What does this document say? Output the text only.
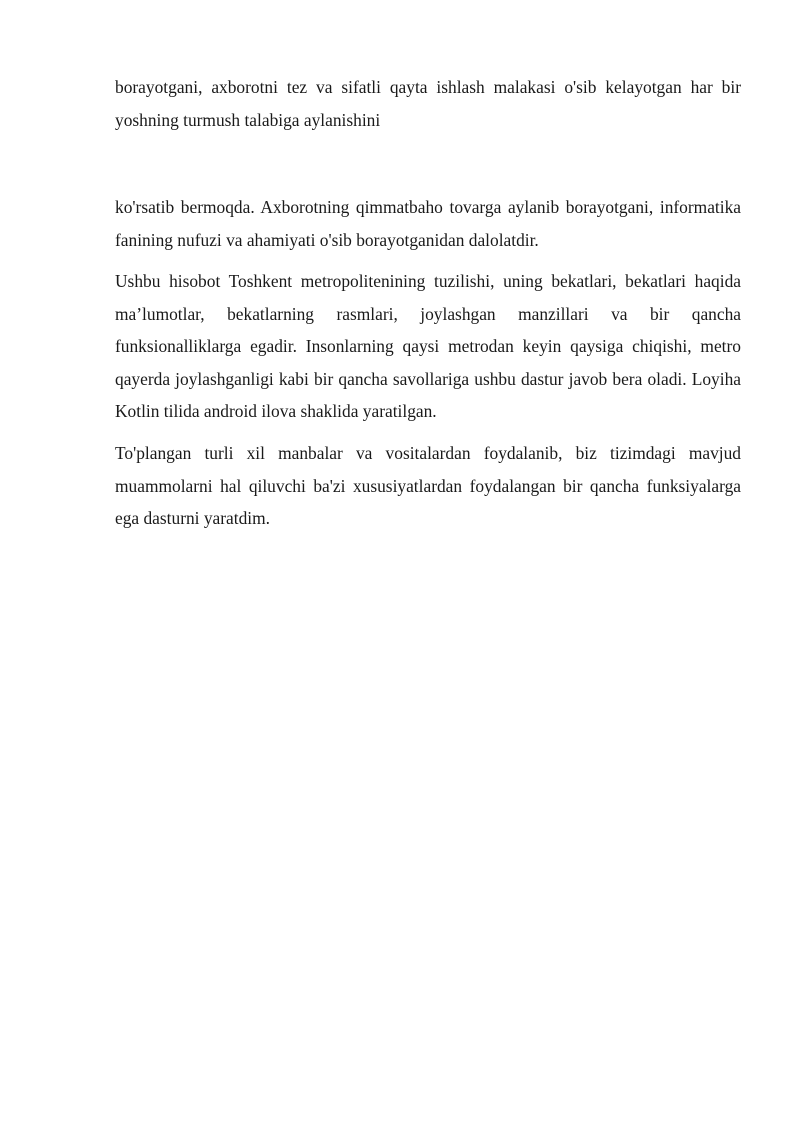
borayotgani, axborotni tez va sifatli qayta ishlash malakasi o'sib kelayotgan har bir yoshning turmush talabiga aylanishini

ko'rsatib bermoqda. Axborotning qimmatbaho tovarga aylanib borayotgani, informatika fanining nufuzi va ahamiyati o'sib borayotganidan dalolatdir.

Ushbu hisobot Toshkent metropolitenining tuzilishi, uning bekatlari, bekatlari haqida ma’lumotlar, bekatlarning rasmlari, joylashgan manzillari va bir qancha funksionalliklarga egadir. Insonlarning qaysi metrodan keyin qaysiga chiqishi, metro qayerda joylashganligi kabi bir qancha savollariga ushbu dastur javob bera oladi. Loyiha Kotlin tilida android ilova shaklida yaratilgan.

To'plangan turli xil manbalar va vositalardan foydalanib, biz tizimdagi mavjud muammolarni hal qiluvchi ba'zi xususiyatlardan foydalangan bir qancha funksiyalarga ega dasturni yaratdim.
